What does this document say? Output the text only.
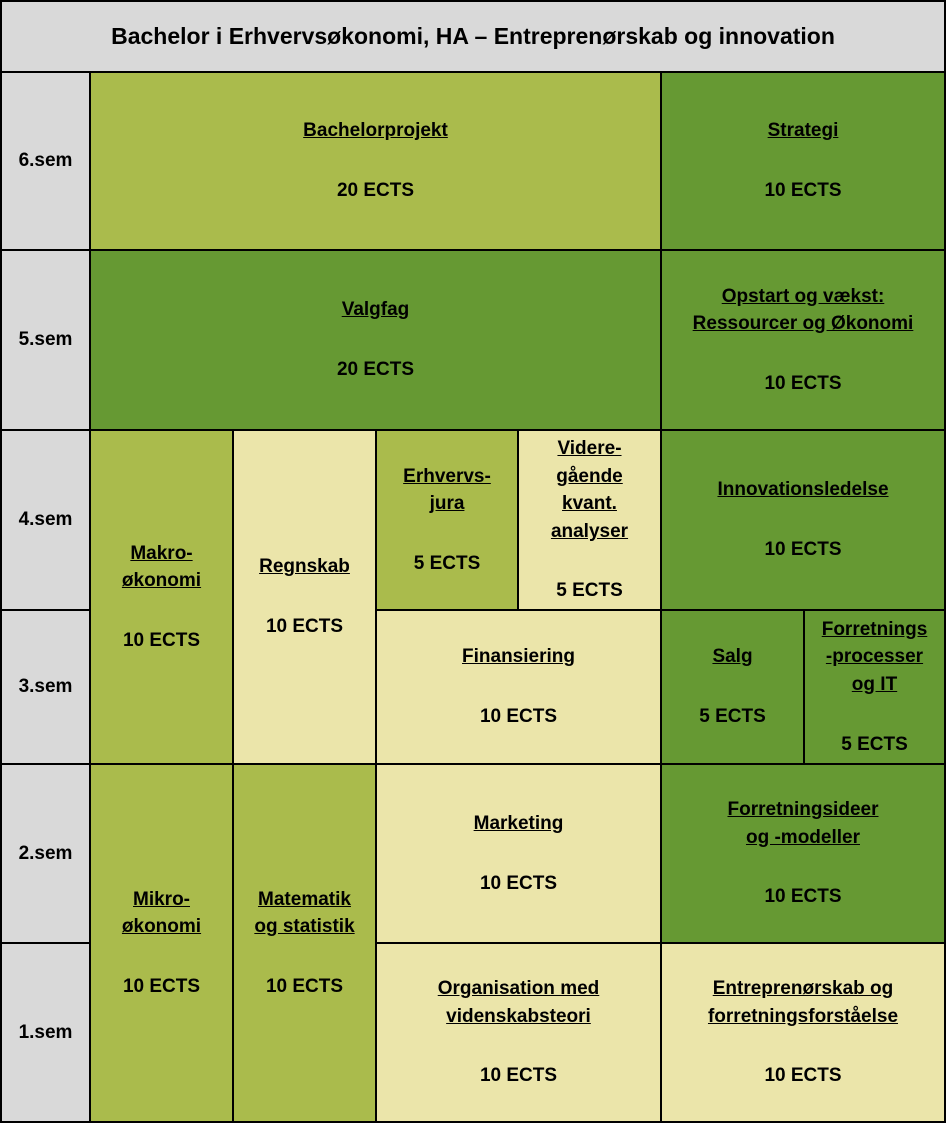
Bachelor i Erhvervsøkonomi, HA – Entreprenørskab og innovation
6.sem
5.sem
4.sem
3.sem
2.sem
1.sem
Bachelorprojekt
20 ECTS
Strategi
10 ECTS
Valgfag
20 ECTS
Opstart og vækst:
Ressourcer og Økonomi
10 ECTS
Makro-
økonomi
10 ECTS
Regnskab
10 ECTS
Erhvervs-
jura
5 ECTS
Videre-
gående
kvant.
analyser
5 ECTS
Innovationsledelse
10 ECTS
Finansiering
10 ECTS
Salg
5 ECTS
Forretnings
-processer
og IT
5 ECTS
Mikro-
økonomi
10 ECTS
Matematik
og statistik
10 ECTS
Marketing
10 ECTS
Forretningsideer
og -modeller
10 ECTS
Organisation med
videnskabsteori
10 ECTS
Entreprenørskab og
forretningsforståelse
10 ECTS
